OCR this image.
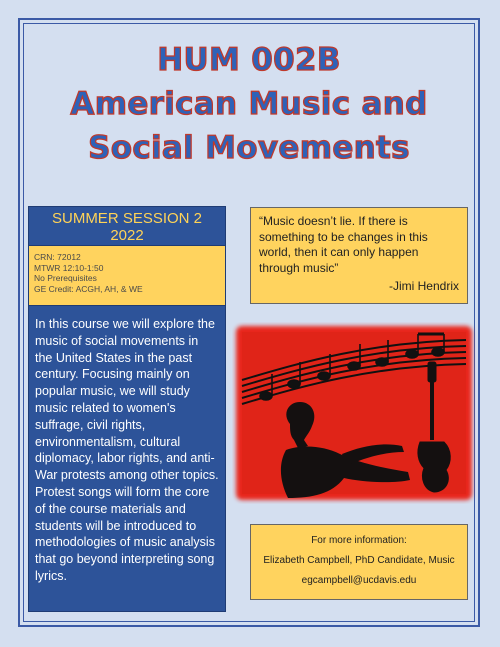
HUM 002B
American Music and
Social Movements
SUMMER SESSION 2
2022
CRN: 72012
MTWR 12:10-1:50
No Prerequisites
GE Credit: ACGH, AH, & WE
In this course we will explore the music of social movements in the United States in the past century. Focusing mainly on popular music, we will study music related to women's suffrage, civil rights, environmentalism, cultural diplomacy, labor rights, and anti-War protests among other topics. Protest songs will form the core of the course materials and students will be introduced to methodologies of music analysis that go beyond interpreting song lyrics.
“Music doesn’t lie. If there is something to be changes in this world, then it can only happen through music”
-Jimi Hendrix
For more information:
Elizabeth Campbell, PhD Candidate, Music
egcampbell@ucdavis.edu
